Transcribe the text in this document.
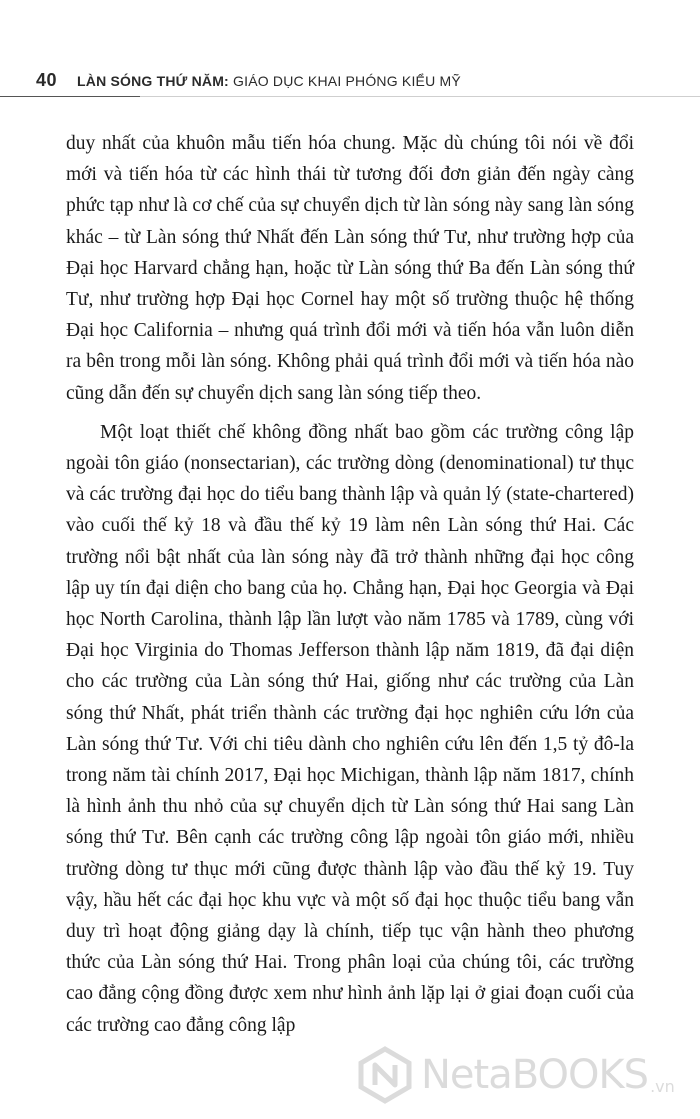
40 LÀN SÓNG THỨ NĂM: GIÁO DỤC KHAI PHÓNG KIỂU MỸ

duy nhất của khuôn mẫu tiến hóa chung. Mặc dù chúng tôi nói về đổi mới và tiến hóa từ các hình thái từ tương đối đơn giản đến ngày càng phức tạp như là cơ chế của sự chuyển dịch từ làn sóng này sang làn sóng khác – từ Làn sóng thứ Nhất đến Làn sóng thứ Tư, như trường hợp của Đại học Harvard chẳng hạn, hoặc từ Làn sóng thứ Ba đến Làn sóng thứ Tư, như trường hợp Đại học Cornel hay một số trường thuộc hệ thống Đại học California – nhưng quá trình đổi mới và tiến hóa vẫn luôn diễn ra bên trong mỗi làn sóng. Không phải quá trình đổi mới và tiến hóa nào cũng dẫn đến sự chuyển dịch sang làn sóng tiếp theo.

Một loạt thiết chế không đồng nhất bao gồm các trường công lập ngoài tôn giáo (nonsectarian), các trường dòng (denominational) tư thục và các trường đại học do tiểu bang thành lập và quản lý (state-chartered) vào cuối thế kỷ 18 và đầu thế kỷ 19 làm nên Làn sóng thứ Hai. Các trường nổi bật nhất của làn sóng này đã trở thành những đại học công lập uy tín đại diện cho bang của họ. Chẳng hạn, Đại học Georgia và Đại học North Carolina, thành lập lần lượt vào năm 1785 và 1789, cùng với Đại học Virginia do Thomas Jefferson thành lập năm 1819, đã đại diện cho các trường của Làn sóng thứ Hai, giống như các trường của Làn sóng thứ Nhất, phát triển thành các trường đại học nghiên cứu lớn của Làn sóng thứ Tư. Với chi tiêu dành cho nghiên cứu lên đến 1,5 tỷ đô-la trong năm tài chính 2017, Đại học Michigan, thành lập năm 1817, chính là hình ảnh thu nhỏ của sự chuyển dịch từ Làn sóng thứ Hai sang Làn sóng thứ Tư. Bên cạnh các trường công lập ngoài tôn giáo mới, nhiều trường dòng tư thục mới cũng được thành lập vào đầu thế kỷ 19. Tuy vậy, hầu hết các đại học khu vực và một số đại học thuộc tiểu bang vẫn duy trì hoạt động giảng dạy là chính, tiếp tục vận hành theo phương thức của Làn sóng thứ Hai. Trong phân loại của chúng tôi, các trường cao đẳng cộng đồng được xem như hình ảnh lặp lại ở giai đoạn cuối của các trường cao đẳng công lập

NetaBOOKS .vn
